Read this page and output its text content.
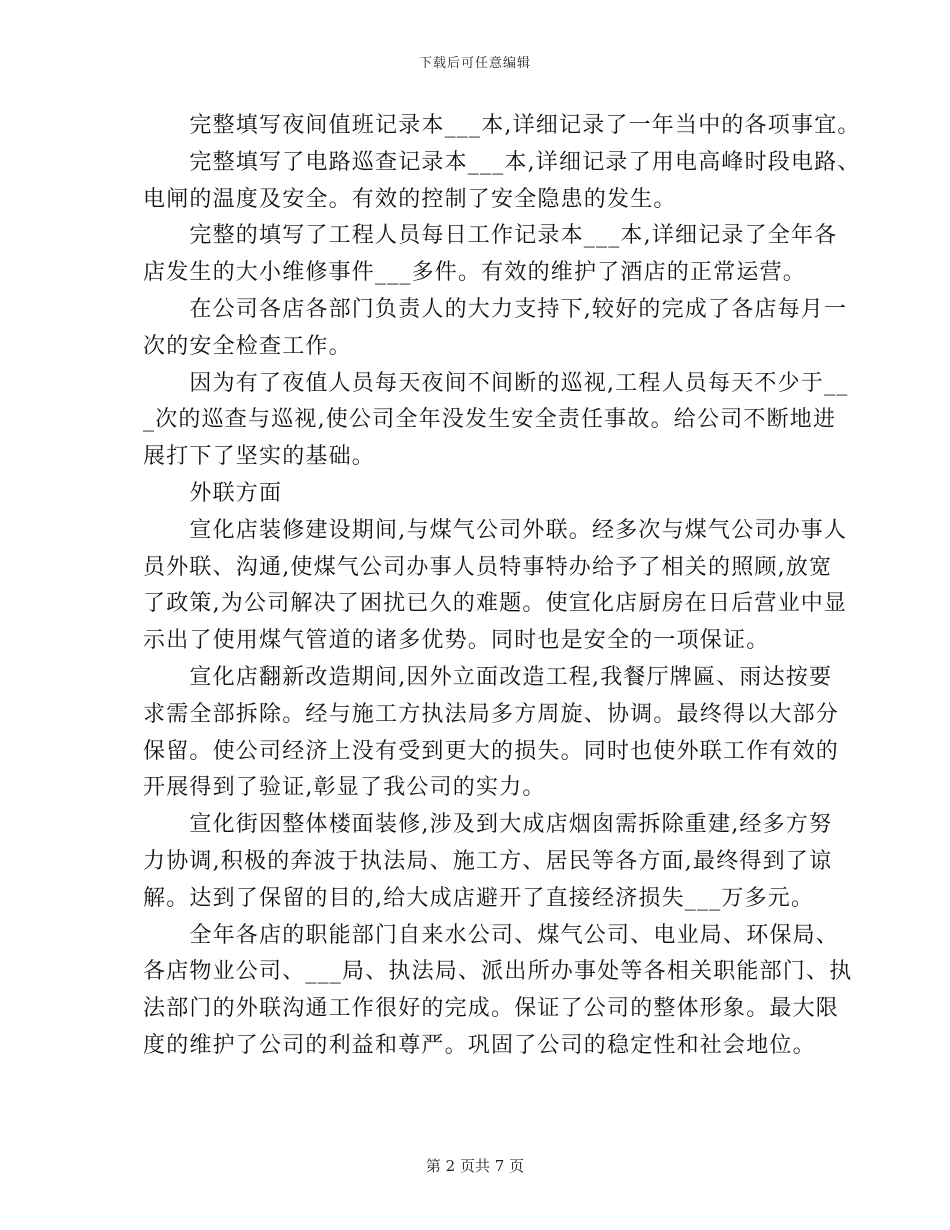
下载后可任意编辑
　　完整填写夜间值班记录本___本,详细记录了一年当中的各项事宜。
　　完整填写了电路巡查记录本___本,详细记录了用电高峰时段电路、
电闸的温度及安全。有效的控制了安全隐患的发生。
　　完整的填写了工程人员每日工作记录本___本,详细记录了全年各
店发生的大小维修事件___多件。有效的维护了酒店的正常运营。
　　在公司各店各部门负责人的大力支持下,较好的完成了各店每月一
次的安全检查工作。
　　因为有了夜值人员每天夜间不间断的巡视,工程人员每天不少于__
_次的巡查与巡视,使公司全年没发生安全责任事故。给公司不断地进
展打下了坚实的基础。
　　外联方面
　　宣化店装修建设期间,与煤气公司外联。经多次与煤气公司办事人
员外联、沟通,使煤气公司办事人员特事特办给予了相关的照顾,放宽
了政策,为公司解决了困扰已久的难题。使宣化店厨房在日后营业中显
示出了使用煤气管道的诸多优势。同时也是安全的一项保证。
　　宣化店翻新改造期间,因外立面改造工程,我餐厅牌匾、雨达按要
求需全部拆除。经与施工方执法局多方周旋、协调。最终得以大部分
保留。使公司经济上没有受到更大的损失。同时也使外联工作有效的
开展得到了验证,彰显了我公司的实力。
　　宣化街因整体楼面装修,涉及到大成店烟囱需拆除重建,经多方努
力协调,积极的奔波于执法局、施工方、居民等各方面,最终得到了谅
解。达到了保留的目的,给大成店避开了直接经济损失___万多元。
　　全年各店的职能部门自来水公司、煤气公司、电业局、环保局、
各店物业公司、___局、执法局、派出所办事处等各相关职能部门、执
法部门的外联沟通工作很好的完成。保证了公司的整体形象。最大限
度的维护了公司的利益和尊严。巩固了公司的稳定性和社会地位。
第 2 页共 7 页
